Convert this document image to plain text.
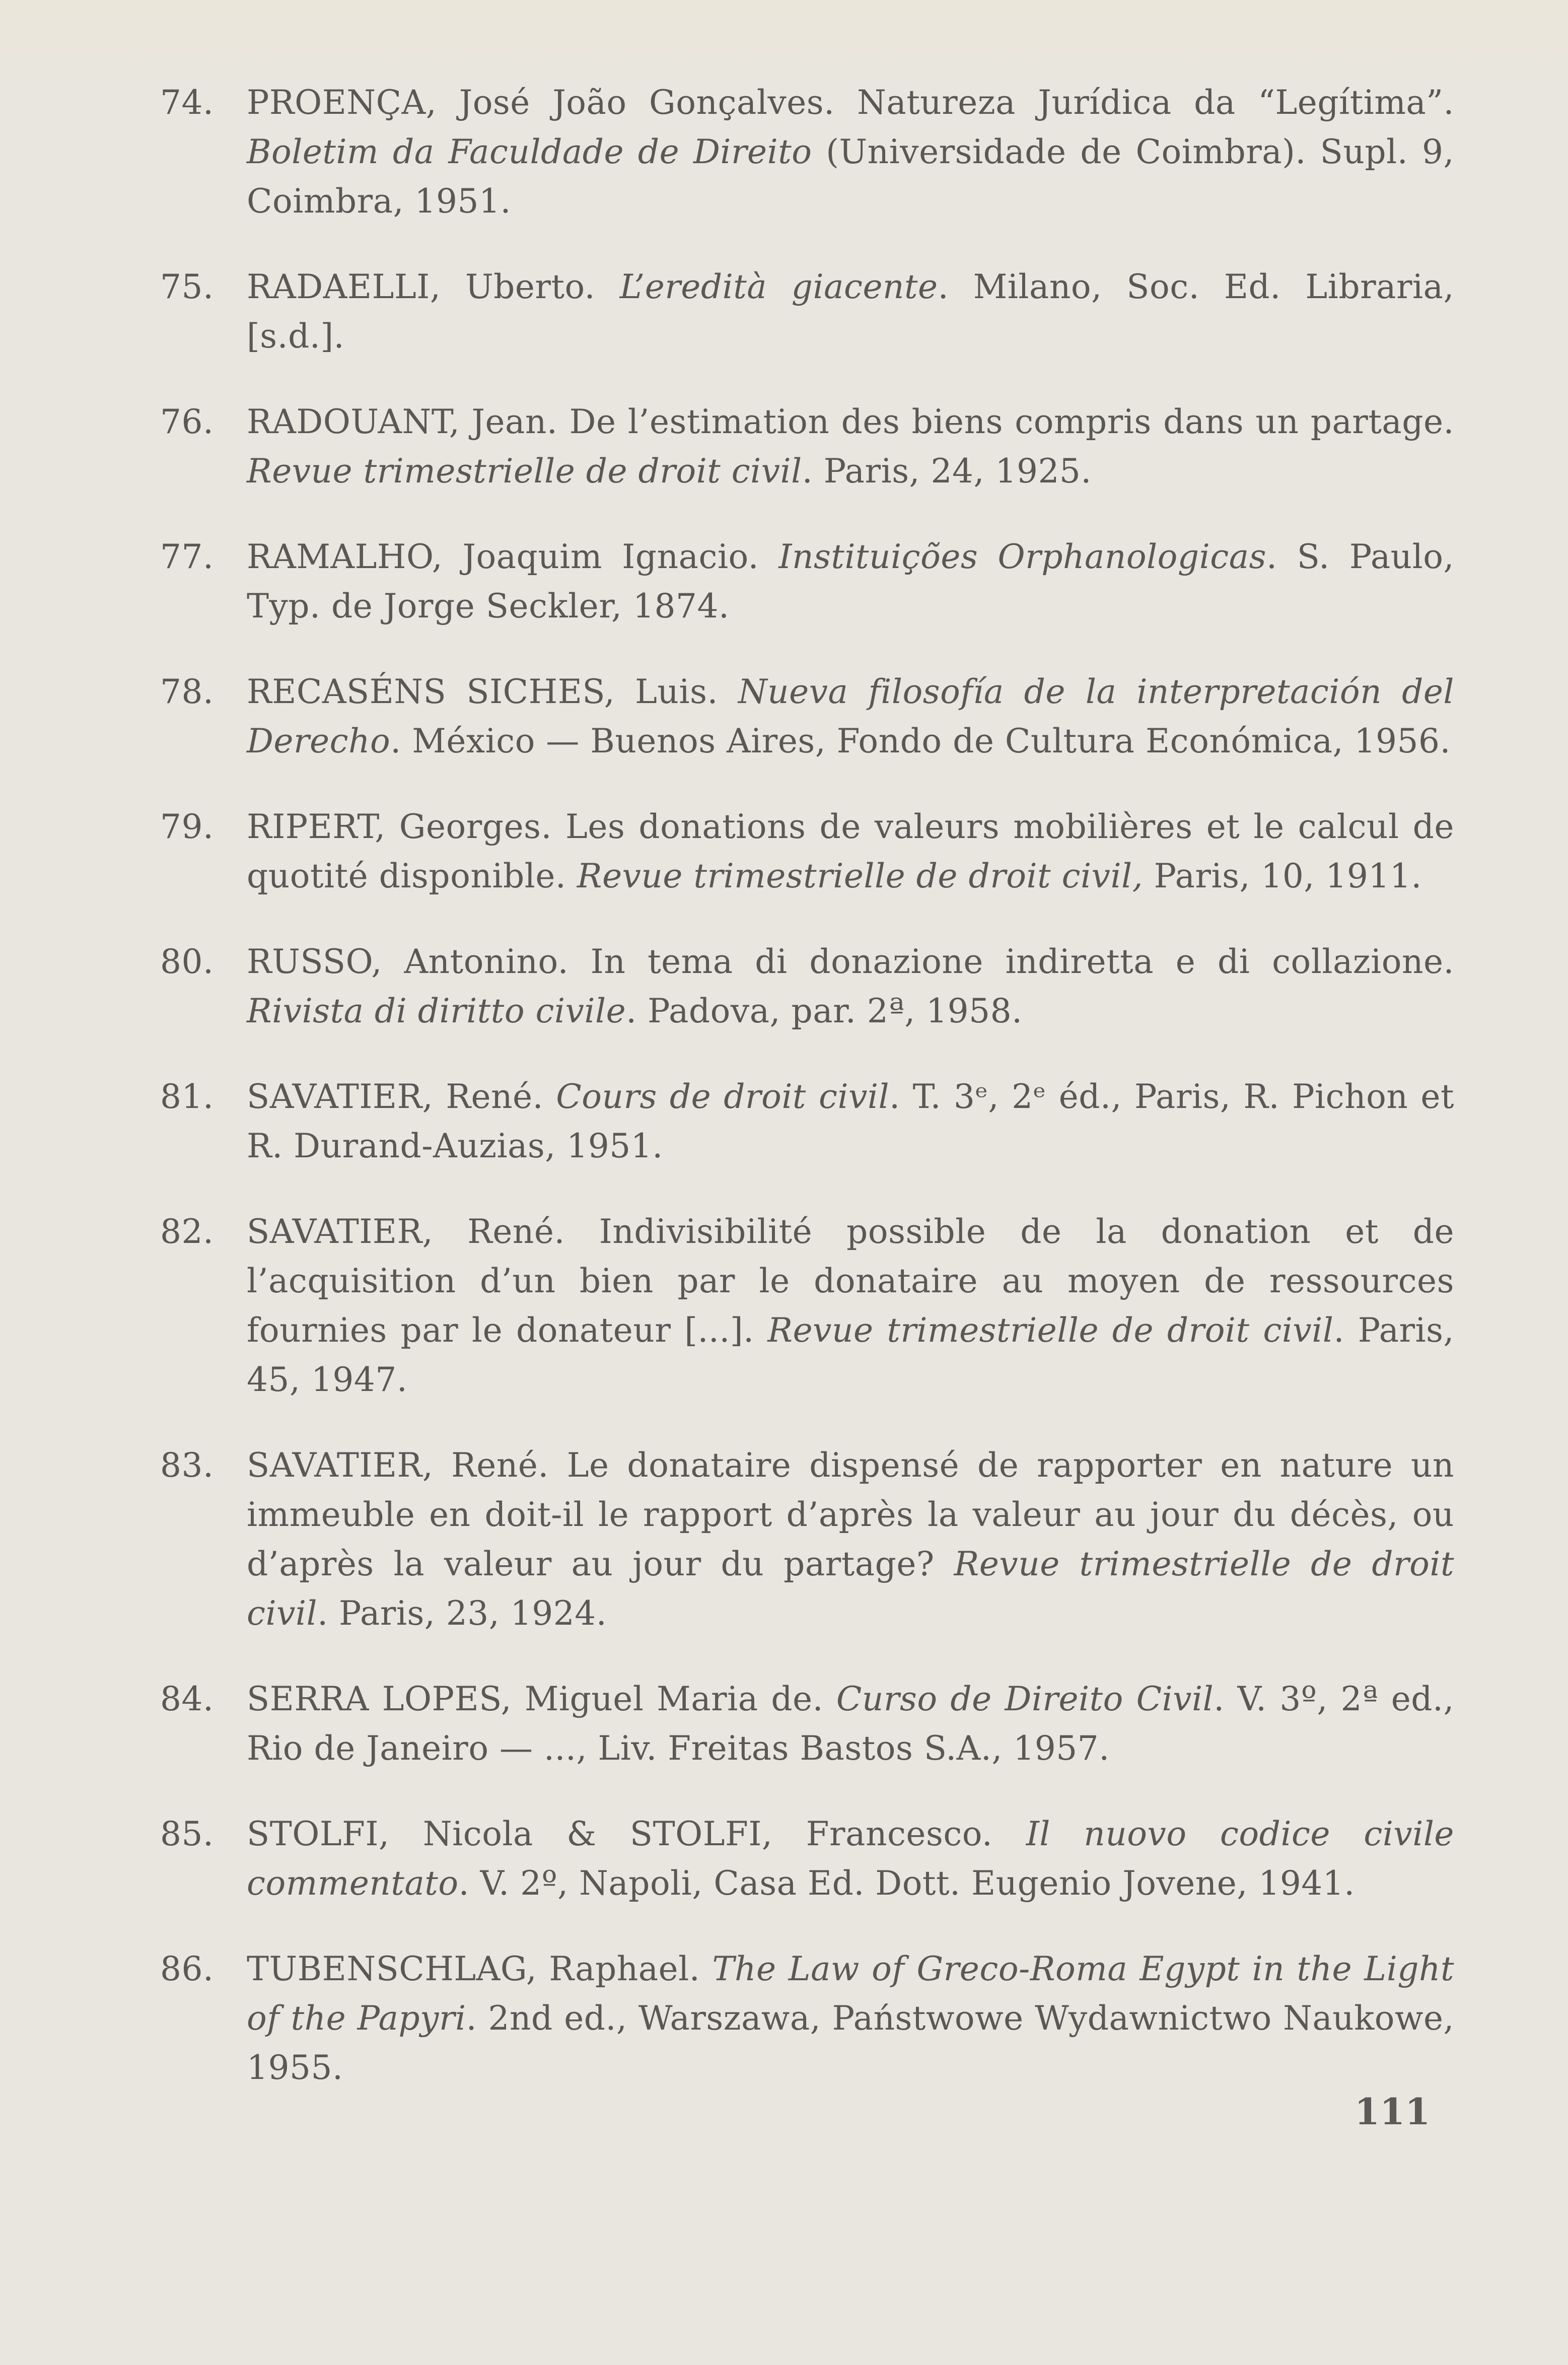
74. PROENÇA, José João Gonçalves. Natureza Jurídica da “Legítima”. Boletim da Faculdade de Direito (Universidade de Coimbra). Supl. 9, Coimbra, 1951.
75. RADAELLI, Uberto. L’eredità giacente. Milano, Soc. Ed. Libraria, [s.d.].
76. RADOUANT, Jean. De l’estimation des biens compris dans un partage. Revue trimestrielle de droit civil. Paris, 24, 1925.
77. RAMALHO, Joaquim Ignacio. Instituições Orphanologicas. S. Paulo, Typ. de Jorge Seckler, 1874.
78. RECASÉNS SICHES, Luis. Nueva filosofía de la interpretación del Derecho. México — Buenos Aires, Fondo de Cultura Económica, 1956.
79. RIPERT, Georges. Les donations de valeurs mobilières et le calcul de quotité disponible. Revue trimestrielle de droit civil, Paris, 10, 1911.
80. RUSSO, Antonino. In tema di donazione indiretta e di collazione. Rivista di diritto civile. Padova, par. 2ª, 1958.
81. SAVATIER, René. Cours de droit civil. T. 3ᵉ, 2ᵉ éd., Paris, R. Pichon et R. Durand-Auzias, 1951.
82. SAVATIER, René. Indivisibilité possible de la donation et de l’acquisition d’un bien par le donataire au moyen de ressources fournies par le donateur [...]. Revue trimestrielle de droit civil. Paris, 45, 1947.
83. SAVATIER, René. Le donataire dispensé de rapporter en nature un immeuble en doit-il le rapport d’après la valeur au jour du décès, ou d’après la valeur au jour du partage? Revue trimestrielle de droit civil. Paris, 23, 1924.
84. SERRA LOPES, Miguel Maria de. Curso de Direito Civil. V. 3º, 2ª ed., Rio de Janeiro — ..., Liv. Freitas Bastos S.A., 1957.
85. STOLFI, Nicola & STOLFI, Francesco. Il nuovo codice civile commentato. V. 2º, Napoli, Casa Ed. Dott. Eugenio Jovene, 1941.
86. TUBENSCHLAG, Raphael. The Law of Greco-Roma Egypt in the Light of the Papyri. 2nd ed., Warszawa, Państwowe Wydawnictwo Naukowe, 1955.
111
